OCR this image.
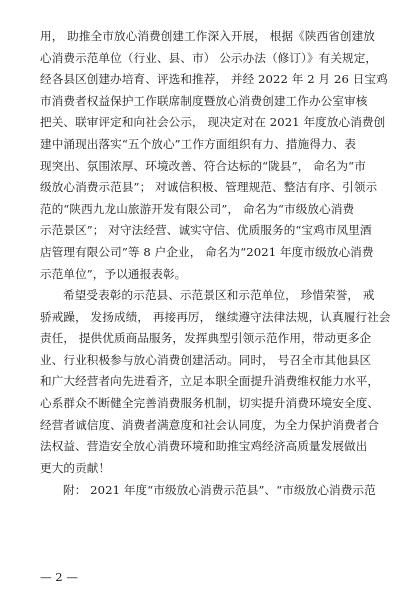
用， 助推全市放心消费创建工作深入开展， 根据《陕西省创建放
心消费示范单位（行业、县、市） 公示办法（修订）》有关规定，
经各县区创建办培育、评选和推荐， 并经 2022 年 2 月 26 日宝鸡
市消费者权益保护工作联席制度暨放心消费创建工作办公室审核
把关、联审评定和向社会公示， 现决定对在 2021 年度放心消费创
建中涌现出落实“五个放心”工作方面组织有力、措施得力、表
现突出、氛围浓厚、环境改善、符合达标的“陇县”， 命名为“市
级放心消费示范县”； 对诚信积极、管理规范、整洁有序、引领示
范的“陕西九龙山旅游开发有限公司”， 命名为“市级放心消费
示范景区”； 对守法经营、诚实守信、优质服务的“宝鸡市凤里酒
店管理有限公司”等 8 户企业， 命名为“2021 年度市级放心消费
示范单位”，予以通报表彰。
希望受表彰的示范县、示范景区和示范单位， 珍惜荣誉， 戒
骄戒躁， 发扬成绩， 再接再厉， 继续遵守法律法规，认真履行社会
责任， 提供优质商品服务，发挥典型引领示范作用，带动更多企
业、行业积极参与放心消费创建活动。同时， 号召全市其他县区
和广大经营者向先进看齐，立足本职全面提升消费维权能力水平，
心系群众不断健全完善消费服务机制，切实提升消费环境安全度、
经营者诚信度、消费者满意度和社会认同度，为全力保护消费者合
法权益、营造安全放心消费环境和助推宝鸡经济高质量发展做出
更大的贡献！
附： 2021 年度“市级放心消费示范县”、“市级放心消费示范
— 2 —
